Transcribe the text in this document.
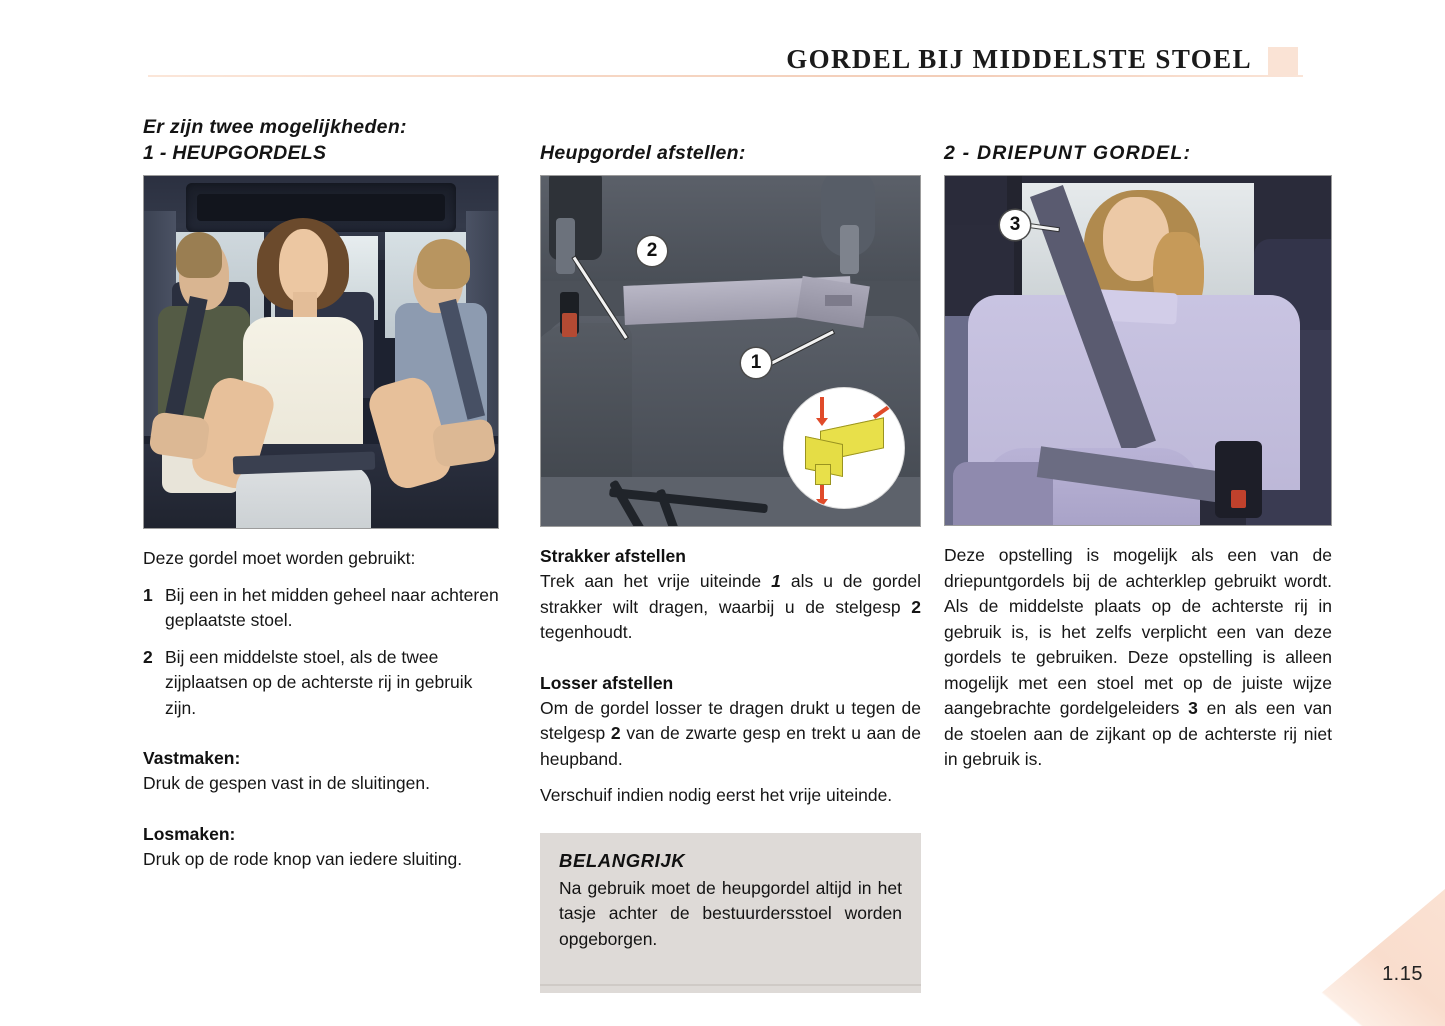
GORDEL BIJ MIDDELSTE STOEL
Er zijn twee mogelijkheden:
1 - HEUPGORDELS

Deze gordel moet worden gebruikt:

1 Bij een in het midden geheel naar achteren geplaatste stoel.
2 Bij een middelste stoel, als de twee zijplaatsen op de achterste rij in gebruik zijn.

Vastmaken:

Druk de gespen vast in de sluitingen.

Losmaken:

Druk op de rode knop van iedere sluiting.

Heupgordel afstellen:
2
1

Strakker afstellen

Trek aan het vrije uiteinde 1 als u de gordel strakker wilt dragen, waarbij u de stelgesp 2 tegenhoudt.

Losser afstellen

Om de gordel losser te dragen drukt u tegen de stelgesp 2 van de zwarte gesp en trekt u aan de heupband.

Verschuif indien nodig eerst het vrije uiteinde.

BELANGRIJK

Na gebruik moet de heupgordel altijd in het tasje achter de bestuurdersstoel worden opgeborgen.

2 - DRIEPUNT GORDEL:
3

Deze opstelling is mogelijk als een van de driepuntgordels bij de achterklep gebruikt wordt. Als de middelste plaats op de achterste rij in gebruik is, is het zelfs verplicht een van deze gordels te gebruiken. Deze opstelling is alleen mogelijk met een stoel met op de juiste wijze aangebrachte gordelgeleiders 3 en als een van de stoelen aan de zijkant op de achterste rij niet in gebruik is.

1.15
